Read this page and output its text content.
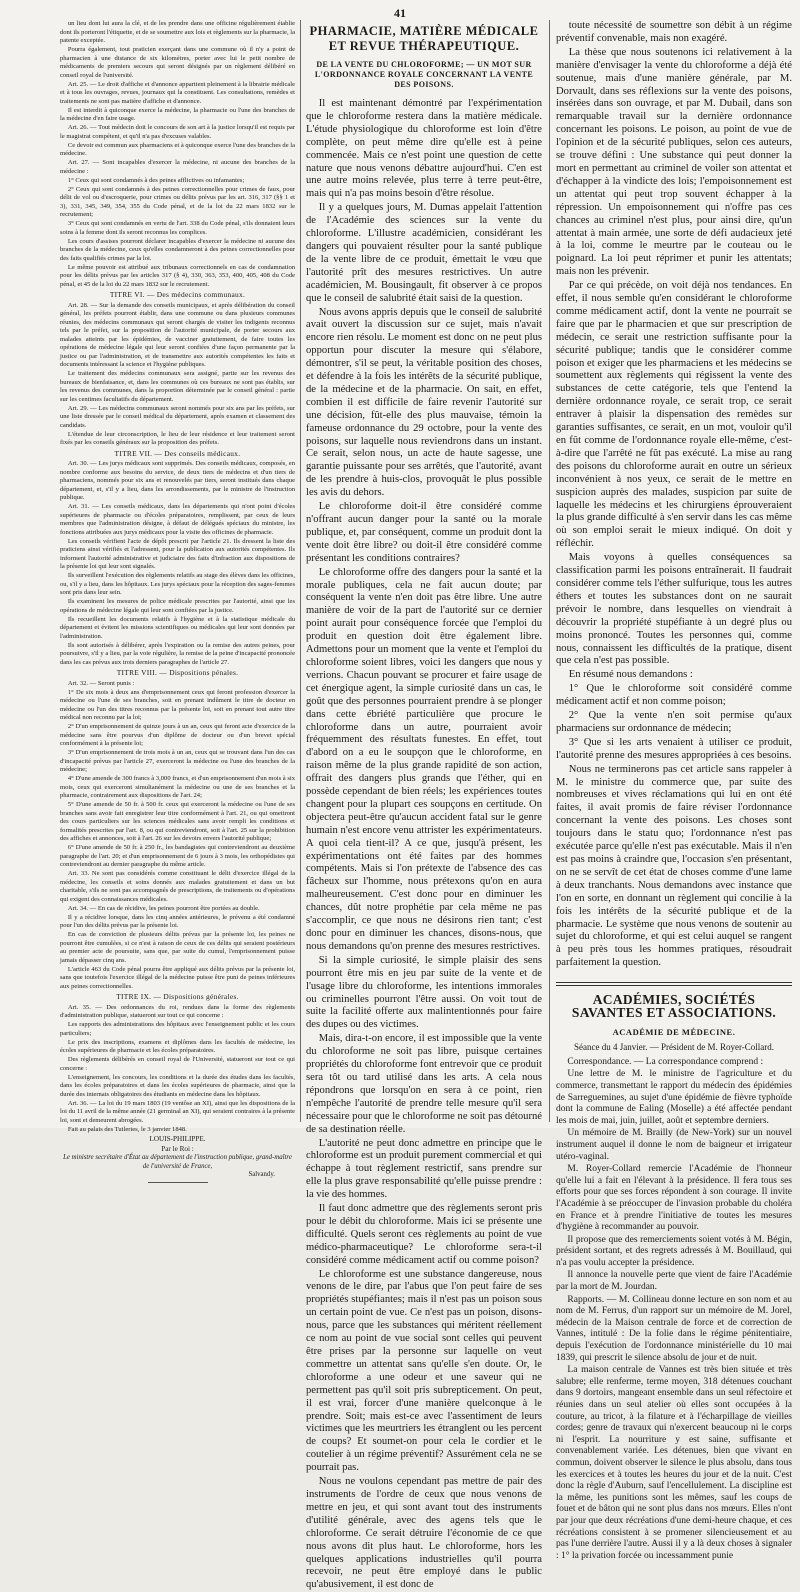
41

un lieu dont lui aura la clé, et de les prendre dans une officine régulièrement établie dont ils porteront l'étiquette, et de se soumettre aux lois et règlements sur la pharmacie, la patente exceptée.

Pourra également, tout praticien exerçant dans une commune où il n'y a point de pharmacien à une distance de six kilomètres, porter avec lui le petit nombre de médicaments de premiers secours qui seront désignés par un règlement délibéré en conseil royal de l'université.

Art. 25. — Le droit d'affiche et d'annonce appartient pleinement à la librairie médicale et à tous les ouvrages, revues, journaux qui la constituent. Les consultations, remèdes et traitements ne sont pas matière d'affiche et d'annonce.

Il est interdit à quiconque exerce la médecine, la pharmacie ou l'une des branches de la médecine d'en faire usage.

Art. 26. — Tout médecin doit le concours de son art à la justice lorsqu'il est requis par le magistrat compétent, et qu'il n'a pas d'excuses valables.

Ce devoir est commun aux pharmaciens et à quiconque exerce l'une des branches de la médecine.

Art. 27. — Sont incapables d'exercer la médecine, ni aucune des branches de la médecine :

1° Ceux qui sont condamnés à des peines afflictives ou infamantes;

2° Ceux qui sont condamnés à des peines correctionnelles pour crimes de faux, pour délit de vol ou d'escroquerie, pour crimes ou délits prévus par les art. 316, 317 (§§ 1 et 3), 331, 345, 349, 354, 355 du Code pénal, et de la loi du 22 mars 1832 sur le recrutement;

3° Ceux qui sont condamnés en vertu de l'art. 338 du Code pénal, s'ils donnaient leurs soins à la femme dont ils seront reconnus les complices.

Les cours d'assises pourront déclarer incapables d'exercer la médecine ni aucune des branches de la médecine, ceux qu'elles condamneront à des peines correctionnelles pour des faits qualifiés crimes par la loi.

Le même pouvoir est attribué aux tribunaux correctionnels en cas de condamnation pour les délits prévus par les articles 317 (§ 4), 330, 363, 353, 400, 405, 408 du Code pénal, et 45 de la loi du 22 mars 1832 sur le recrutement.

TITRE VI. — Des médecins communaux.

Art. 28. — Sur la demande des conseils municipaux, et après délibération du conseil général, les préfets pourront établir, dans une commune ou dans plusieurs communes réunies, des médecins communaux qui seront chargés de visiter les indigents reconnus tels par le préfet, sur la proposition de l'autorité municipale, de porter secours aux malades atteints par les épidémies, de vacciner gratuitement, de faire toutes les opérations de médecine légale qui leur seront confiées d'une façon permanente par la justice ou par l'administration, et de transmettre aux autorités compétentes les faits et documents intéressant la science et l'hygiène publiques.

Le traitement des médecins communaux sera assigné, partie sur les revenus des bureaux de bienfaisance, et, dans les communes où ces bureaux ne sont pas établis, sur les revenus des communes, dans la proportion déterminée par le conseil général : partie sur les centimes facultatifs du département.

Art. 29. — Les médecins communaux seront nommés pour six ans par les préfets, sur une liste dressée par le conseil médical du département, après examen et classement des candidats.

L'étendue de leur circonscription, le lieu de leur résidence et leur traitement seront fixés par les conseils généraux sur la proposition des préfets.

TITRE VII. — Des conseils médicaux.

Art. 30. — Les jurys médicaux sont supprimés. Des conseils médicaux, composés, en nombre conforme aux besoins du service, de deux tiers de médecins et d'un tiers de pharmaciens, nommés pour six ans et renouvelés par tiers, seront institués dans chaque département, et, s'il y a lieu, dans les arrondissements, par le ministre de l'instruction publique.

Art. 31. — Les conseils médicaux, dans les départements qui n'ont point d'écoles supérieures de pharmacie ou d'écoles préparatoires, remplissent, par ceux de leurs membres que l'administration désigne, à défaut de délégués spéciaux du ministre, les fonctions attribuées aux jurys médicaux pour la visite des officines de pharmacie.

Les conseils vérifient l'acte de dépôt prescrit par l'article 21. Ils dressent la liste des praticiens ainsi vérifiés et l'adressent, pour la publication aux autorités compétentes. Ils informent l'autorité administrative et judiciaire des faits d'infraction aux dispositions de la présente loi qui leur sont signalés.

Ils surveillent l'exécution des règlements relatifs au stage des élèves dans les officines, ou, s'il y a lieu, dans les hôpitaux. Les jurys spéciaux pour la réception des sages-femmes sont pris dans leur sein.

Ils examinent les mesures de police médicale prescrites par l'autorité, ainsi que les opérations de médecine légale qui leur sont confiées par la justice.

Ils recueillent les documents relatifs à l'hygiène et à la statistique médicale du département et évitent les missions scientifiques ou médicales qui leur sont données par l'administration.

Ils sont autorisés à délibérer, après l'expiration ou la remise des autres peines, pour poursuivre, s'il y a lieu, par la voie régulière, la remise de la peine d'incapacité prononcée dans les cas prévus aux trois derniers paragraphes de l'article 27.

TITRE VIII. — Dispositions pénales.

Art. 32. — Seront punis :

1° De six mois à deux ans d'emprisonnement ceux qui feront profession d'exercer la médecine ou l'une de ses branches, soit en prenant indûment le titre de docteur en médecine ou l'un des titres reconnus par la présente loi, soit en prenant tout autre titre médical non reconnu par la loi;

2° D'un emprisonnement de quinze jours à un an, ceux qui feront acte d'exercice de la médecine sans être pourvus d'un diplôme de docteur ou d'un brevet spécial conformément à la présente loi;

3° D'un emprisonnement de trois mois à un an, ceux qui se trouvant dans l'un des cas d'incapacité prévus par l'article 27, exerceront la médecine ou l'une des branches de la médecine;

4° D'une amende de 300 francs à 3,000 francs, et d'un emprisonnement d'un mois à six mois, ceux qui exerceront simultanément la médecine ou une de ses branches et la pharmacie, contrairement aux dispositions de l'art. 24;

5° D'une amende de 50 fr. à 500 fr. ceux qui exerceront la médecine ou l'une de ses branches sans avoir fait enregistrer leur titre conformément à l'art. 21, ou qui omettront des cours particuliers sur les sciences médicales sans avoir rempli les conditions et formalités prescrites par l'art. 8, ou qui contreviendront, soit à l'art. 25 sur la prohibition des affiches et annonces, soit à l'art. 26 sur les devoirs envers l'autorité publique;

6° D'une amende de 50 fr. à 250 fr., les bandagistes qui contreviendront au deuxième paragraphe de l'art. 20; et d'un emprisonnement de 6 jours à 3 mois, les orthopédistes qui contreviendront au dernier paragraphe du même article.

Art. 33. Ne sont pas considérés comme constituant le délit d'exercice illégal de la médecine, les conseils et soins donnés aux malades gratuitement et dans un but charitable, s'ils ne sont pas accompagnés de prescriptions, de traitements ou d'opérations qui exigent des connaissances médicales.

Art. 34. — En cas de récidive, les peines pourront être portées au double.

Il y a récidive lorsque, dans les cinq années antérieures, le prévenu a été condamné pour l'un des délits prévus par la présente loi.

En cas de conviction de plusieurs délits prévus par la présente loi, les peines ne pourront être cumulées, si ce n'est à raison de ceux de ces délits qui seraient postérieurs au premier acte de poursuite, sans que, par suite du cumul, l'emprisonnement puisse jamais dépasser cinq ans.

L'article 463 du Code pénal pourra être appliqué aux délits prévus par la présente loi, sans que toutefois l'exercice illégal de la médecine puisse être puni de peines inférieures aux peines correctionnelles.

TITRE IX. — Dispositions générales.

Art. 35. — Des ordonnances du roi, rendues dans la forme des règlements d'administration publique, statueront sur tout ce qui concerne :

Les rapports des administrations des hôpitaux avec l'enseignement public et les cours particuliers;

Le prix des inscriptions, examens et diplômes dans les facultés de médecine, les écoles supérieures de pharmacie et les écoles préparatoires.

Des règlements délibérés en conseil royal de l'Université, statueront sur tout ce qui concerne :

L'enseignement, les concours, les conditions et la durée des études dans les facultés, dans les écoles préparatoires et dans les écoles supérieures de pharmacie, ainsi que la durée des internats obligatoires des étudiants en médecine dans les hôpitaux.

Art. 36. — La loi du 19 mars 1803 (19 ventôse an XI), ainsi que les dispositions de la loi du 11 avril de la même année (21 germinal an XI), qui seraient contraires à la présente loi, sont et demeurent abrogées.

Fait au palais des Tuileries, le 3 janvier 1848.

LOUIS-PHILIPPE.

Par le Roi :

Le ministre secrétaire d'État au département de l'instruction publique, grand-maître de l'université de France,

Salvandy.

PHARMACIE, MATIÈRE MÉDICALE ET REVUE THÉRAPEUTIQUE.
DE LA VENTE DU CHLOROFORME; — UN MOT SUR L'ORDONNANCE ROYALE CONCERNANT LA VENTE DES POISONS.

Il est maintenant démontré par l'expérimentation que le chloroforme restera dans la matière médicale. L'étude physiologique du chloroforme est loin d'être complète, on peut même dire qu'elle est à peine commencée. Mais ce n'est point une question de cette nature que nous venons débattre aujourd'hui. C'en est une autre moins relevée, plus terre à terre peut-être, mais qui n'a pas moins besoin d'être résolue.

Il y a quelques jours, M. Dumas appelait l'attention de l'Académie des sciences sur la vente du chloroforme. L'illustre académicien, considérant les dangers qui pouvaient résulter pour la santé publique de la vente libre de ce produit, émettait le vœu que l'autorité prît des mesures restrictives. Un autre académicien, M. Bousingault, fit observer à ce propos que le conseil de salubrité était saisi de la question.

Nous avons appris depuis que le conseil de salubrité avait ouvert la discussion sur ce sujet, mais n'avait encore rien résolu. Le moment est donc on ne peut plus opportun pour discuter la mesure qui s'élabore, démontrer, s'il se peut, la véritable position des choses, et défendre à la fois les intérêts de la sécurité publique, de la médecine et de la pharmacie. On sait, en effet, combien il est difficile de faire revenir l'autorité sur une décision, fût-elle des plus mauvaise, témoin la fameuse ordonnance du 29 octobre, pour la vente des poisons, sur laquelle nous reviendrons dans un instant. Ce serait, selon nous, un acte de haute sagesse, une garantie puissante pour ses arrêtés, que l'autorité, avant de les prendre à huis-clos, provoquât le plus possible les avis du dehors.

Le chloroforme doit-il être considéré comme n'offrant aucun danger pour la santé ou la morale publique, et, par conséquent, comme un produit dont la vente doit être libre? ou doit-il être considéré comme présentant les conditions contraires?

Le chloroforme offre des dangers pour la santé et la morale publiques, cela ne fait aucun doute; par conséquent la vente n'en doit pas être libre. Une autre manière de voir de la part de l'autorité sur ce dernier point aurait pour conséquence forcée que l'emploi du produit en question doit être également libre. Admettons pour un moment que la vente et l'emploi du chloroforme soient libres, voici les dangers que nous y verrions. Chacun pouvant se procurer et faire usage de cet énergique agent, la simple curiosité dans un cas, le goût que des personnes pourraient prendre à se plonger dans cette ébriété particulière que procure le chloroforme dans un autre, pourraient avoir fréquemment des résultats funestes. En effet, tout d'abord on a eu le soupçon que le chloroforme, en raison même de la plus grande rapidité de son action, offrait des dangers plus grands que l'éther, qui en possède cependant de bien réels; les expériences toutes changent pour la plupart ces soupçons en certitude. On objectera peut-être qu'aucun accident fatal sur le genre humain n'est encore venu attrister les expérimentateurs. A quoi cela tient-il? A ce que, jusqu'à présent, les expérimentations ont été faites par des hommes compétents. Mais si l'on prétexte de l'absence des cas fâcheux sur l'homme, nous prétexons qu'on en aura malheureusement. C'est donc pour en diminuer les chances, dût notre prophétie par cela même ne pas s'accomplir, ce que nous ne désirons rien tant; c'est donc pour en diminuer les chances, disons-nous, que nous demandons qu'on prenne des mesures restrictives.

Si la simple curiosité, le simple plaisir des sens pourront être mis en jeu par suite de la vente et de l'usage libre du chloroforme, les intentions immorales ou criminelles pourront l'être aussi. On voit tout de suite la facilité offerte aux malintentionnés pour faire des dupes ou des victimes.

Mais, dira-t-on encore, il est impossible que la vente du chloroforme ne soit pas libre, puisque certaines propriétés du chloroforme font entrevoir que ce produit sera tôt ou tard utilisé dans les arts. A cela nous répondrons que lorsqu'on en sera à ce point, rien n'empêche l'autorité de prendre telle mesure qu'il sera nécessaire pour que le chloroforme ne soit pas détourné de sa destination réelle.

L'autorité ne peut donc admettre en principe que le chloroforme est un produit purement commercial et qui échappe à tout règlement restrictif, sans prendre sur elle la plus grave responsabilité qu'elle puisse prendre : la vie des hommes.

Il faut donc admettre que des règlements seront pris pour le débit du chloroforme. Mais ici se présente une difficulté. Quels seront ces règlements au point de vue médico-pharmaceutique? Le chloroforme sera-t-il considéré comme médicament actif ou comme poison?

Le chloroforme est une substance dangereuse, nous venons de le dire, par l'abus que l'on peut faire de ses propriétés stupéfiantes; mais il n'est pas un poison sous un certain point de vue. Ce n'est pas un poison, disons-nous, parce que les substances qui méritent réellement ce nom au point de vue social sont celles qui peuvent être prises par la personne sur laquelle on veut commettre un attentat sans qu'elle s'en doute. Or, le chloroforme a une odeur et une saveur qui ne permettent pas qu'il soit pris subrepticement. On peut, il est vrai, forcer d'une manière quelconque à le prendre. Soit; mais est-ce avec l'assentiment de leurs victimes que les meurtriers les étranglent ou les percent de coups? Et soumet-on pour cela le cordier et le coutelier à un régime préventif? Assurément cela ne se pourrait pas.

Nous ne voulons cependant pas mettre de pair des instruments de l'ordre de ceux que nous venons de mettre en jeu, et qui sont avant tout des instruments d'utilité générale, avec des agens tels que le chloroforme. Ce serait détruire l'économie de ce que nous avons dit plus haut. Le chloroforme, hors les quelques applications industrielles qu'il pourra recevoir, ne peut être employé dans le public qu'abusivement, il est donc de

toute nécessité de soumettre son débit à un régime préventif convenable, mais non exagéré.

La thèse que nous soutenons ici relativement à la manière d'envisager la vente du chloroforme a déjà été soutenue, mais d'une manière générale, par M. Dorvault, dans ses réflexions sur la vente des poisons, insérées dans son ouvrage, et par M. Dubail, dans son remarquable travail sur la dernière ordonnance concernant les poisons. Le poison, au point de vue de l'opinion et de la sécurité publiques, selon ces auteurs, se trouve défini : Une substance qui peut donner la mort en permettant au criminel de voiler son attentat et d'échapper à la vindicte des lois; l'empoisonnement est un attentat qui peut trop souvent échapper à la répression. Un empoisonnement qui n'offre pas ces chances au criminel n'est plus, pour ainsi dire, qu'un attentat à main armée, une sorte de défi audacieux jeté à la loi, comme le meurtre par le couteau ou le poignard. La loi peut réprimer et punir les attentats; mais non les prévenir.

Par ce qui précède, on voit déjà nos tendances. En effet, il nous semble qu'en considérant le chloroforme comme médicament actif, dont la vente ne pourrait se faire que par le pharmacien et que sur prescription de médecin, ce serait une restriction suffisante pour la sécurité publique; tandis que le considérer comme poison et exiger que les pharmaciens et les médecins se soumettent aux règlements qui régissent la vente des substances de cette catégorie, tels que l'entend la dernière ordonnance royale, ce serait trop, ce serait entraver à plaisir la dispensation des remèdes sur garanties suffisantes, ce serait, en un mot, vouloir qu'il en fût comme de l'ordonnance royale elle-même, c'est-à-dire que l'arrêté ne fût pas exécuté. La mise au rang des poisons du chloroforme aurait en outre un sérieux inconvénient à nos yeux, ce serait de le mettre en suspicion auprès des malades, suspicion par suite de laquelle les médecins et les chirurgiens éprouveraient la plus grande difficulté à s'en servir dans les cas même où son emploi serait le mieux indiqué. On doit y réfléchir.

Mais voyons à quelles conséquences sa classification parmi les poisons entraînerait. Il faudrait considérer comme tels l'éther sulfurique, tous les autres éthers et toutes les substances dont on ne saurait prévoir le nombre, dans lesquelles on viendrait à découvrir la propriété stupéfiante à un degré plus ou moins prononcé. Toutes les personnes qui, comme nous, connaissent les difficultés de la pratique, disent que cela n'est pas possible.

En résumé nous demandons :

1° Que le chloroforme soit considéré comme médicament actif et non comme poison;

2° Que la vente n'en soit permise qu'aux pharmaciens sur ordonnance de médecin;

3° Que si les arts venaient à utiliser ce produit, l'autorité prenne des mesures appropriées à ces besoins.

Nous ne terminerons pas cet article sans rappeler à M. le ministre du commerce que, par suite des nombreuses et vives réclamations qui lui en ont été faites, il avait promis de faire réviser l'ordonnance concernant la vente des poisons. Les choses sont toujours dans le statu quo; l'ordonnance n'est pas exécutée parce qu'elle n'est pas exécutable. Mais il n'en est pas moins à craindre que, l'occasion s'en présentant, on ne se servît de cet état de choses comme d'une lame à deux tranchants. Nous demandons avec instance que l'on en sorte, en donnant un règlement qui concilie à la fois les intérêts de la sécurité publique et de la pharmacie. Le système que nous venons de soutenir au sujet du chloroforme, et qui est celui auquel se rangent à peu près tous les hommes pratiques, résoudrait parfaitement la question.

ACADÉMIES, SOCIÉTÉS SAVANTES ET ASSOCIATIONS.
ACADÉMIE DE MÉDECINE.
Séance du 4 Janvier. — Président de M. Royer-Collard.

Correspondance. — La correspondance comprend :

Une lettre de M. le ministre de l'agriculture et du commerce, transmettant le rapport du médecin des épidémies de Sarreguemines, au sujet d'une épidémie de fièvre typhoïde dont la commune de Ealing (Moselle) a été affectée pendant les mois de mai, juin, juillet, août et septembre derniers.

Un mémoire de M. Brailly (de New-York) sur un nouvel instrument auquel il donne le nom de baigneur et irrigateur utéro-vaginal.

M. Royer-Collard remercie l'Académie de l'honneur qu'elle lui a fait en l'élevant à la présidence. Il fera tous ses efforts pour que ses forces répondent à son courage. Il invite l'Académie à se préoccuper de l'invasion probable du choléra en France et à prendre l'initiative de toutes les mesures d'hygiène à recommander au pouvoir.

Il propose que des remerciements soient votés à M. Bégin, président sortant, et des regrets adressés à M. Bouillaud, qui n'a pas voulu accepter la présidence.

Il annonce la nouvelle perte que vient de faire l'Académie par la mort de M. Jourdan.

Rapports. — M. Collineau donne lecture en son nom et au nom de M. Ferrus, d'un rapport sur un mémoire de M. Jorel, médecin de la Maison centrale de force et de correction de Vannes, intitulé : De la folie dans le régime pénitentiaire, depuis l'exécution de l'ordonnance ministérielle du 10 mai 1839, qui prescrit le silence absolu de jour et de nuit.

La maison centrale de Vannes est très bien située et très salubre; elle renferme, terme moyen, 318 détenues couchant dans 9 dortoirs, mangeant ensemble dans un seul réfectoire et réunies dans un seul atelier où elles sont occupées à la couture, au tricot, à la filature et à l'écharpillage de vieilles cordes; genre de travaux qui n'exercent beaucoup ni le corps ni l'esprit. La nourriture y est saine, suffisante et convenablement variée. Les détenues, bien que vivant en commun, doivent observer le silence le plus absolu, dans tous les exercices et à toutes les heures du jour et de la nuit. C'est donc la règle d'Auburn, sauf l'encellulement. La discipline est la même, les punitions sont les mêmes, sauf les coups de fouet et de bâton qui ne sont plus dans nos mœurs. Elles n'ont par jour que deux récréations d'une demi-heure chaque, et ces récréations consistent à se promener silencieusement et au pas l'une derrière l'autre. Aussi il y a là deux choses à signaler : 1° la privation forcée ou incessamment punie
